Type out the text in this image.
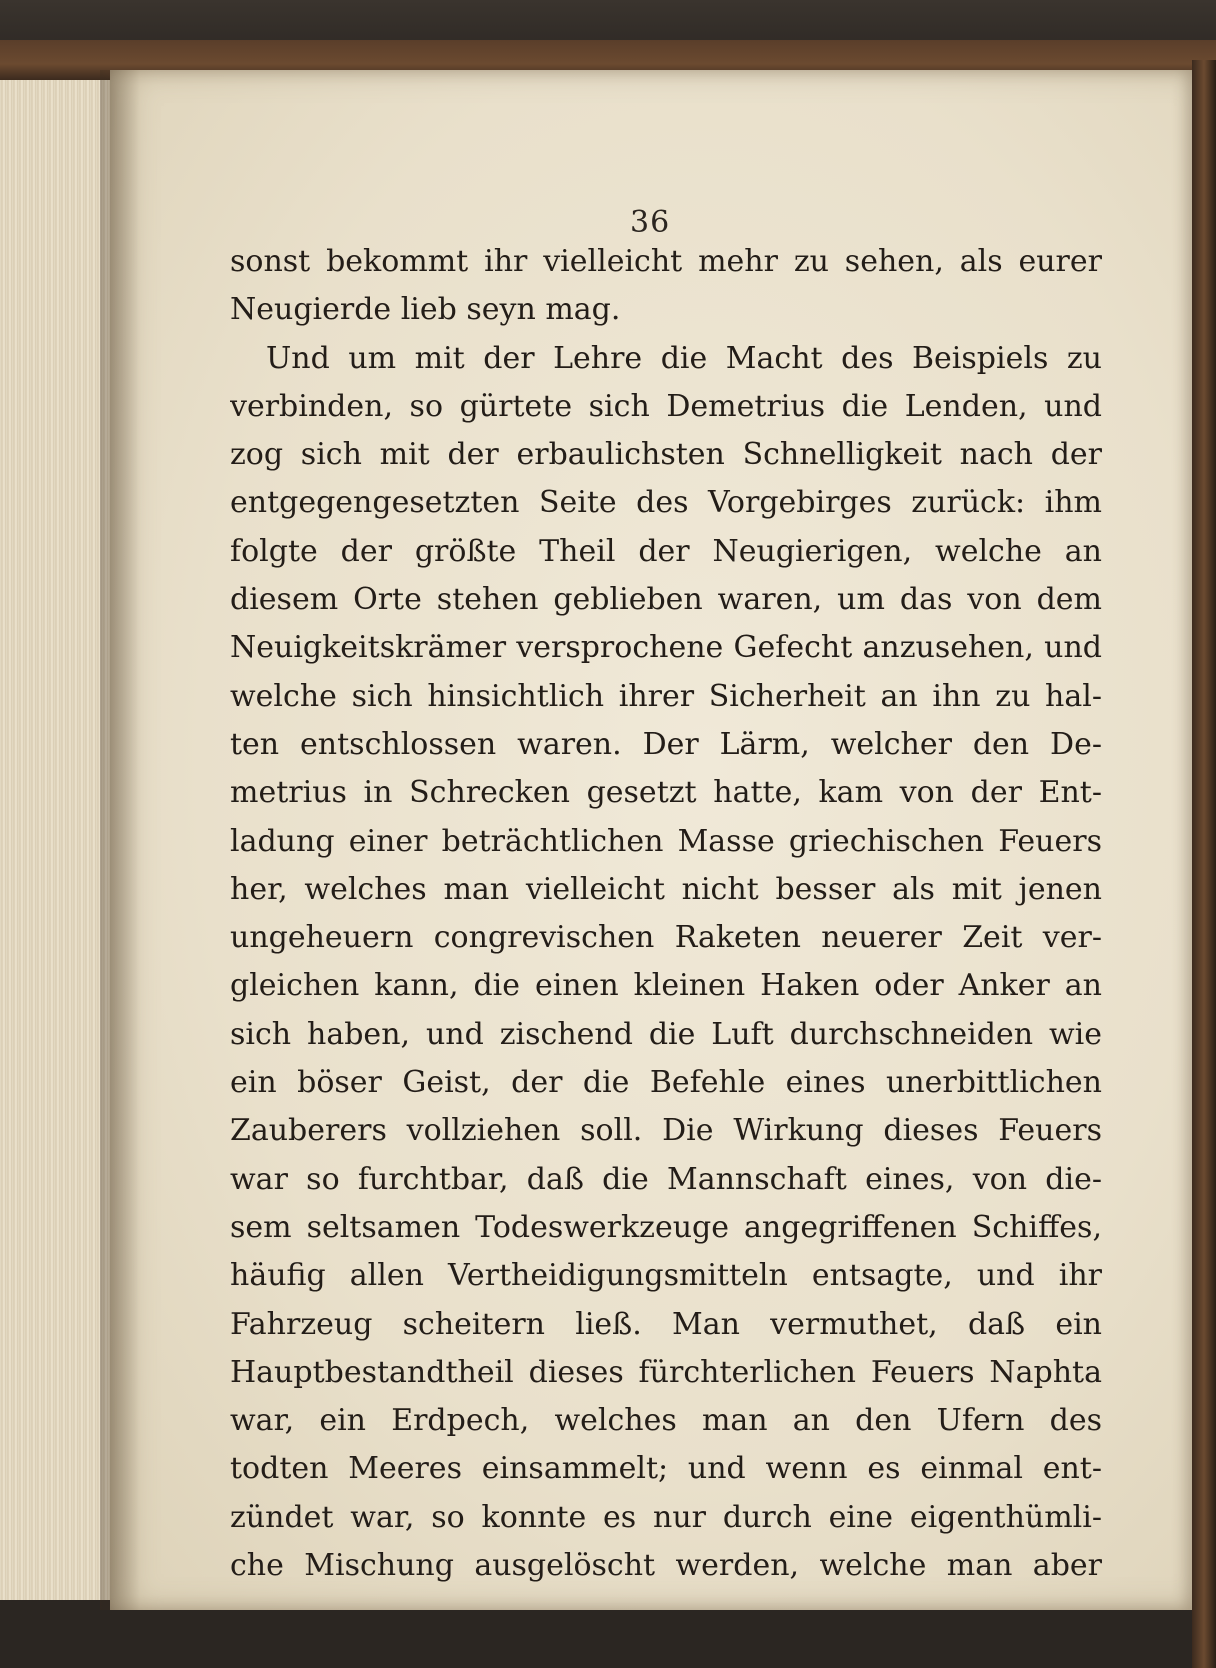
36
sonst bekommt ihr vielleicht mehr zu sehen, als eurer
Neugierde lieb seyn mag.
Und um mit der Lehre die Macht des Beispiels zu
verbinden, so gürtete sich Demetrius die Lenden, und
zog sich mit der erbaulichsten Schnelligkeit nach der
entgegengesetzten Seite des Vorgebirges zurück: ihm
folgte der größte Theil der Neugierigen, welche an
diesem Orte stehen geblieben waren, um das von dem
Neuigkeitskrämer versprochene Gefecht anzusehen, und
welche sich hinsichtlich ihrer Sicherheit an ihn zu hal-
ten entschlossen waren. Der Lärm, welcher den De-
metrius in Schrecken gesetzt hatte, kam von der Ent-
ladung einer beträchtlichen Masse griechischen Feuers
her, welches man vielleicht nicht besser als mit jenen
ungeheuern congrevischen Raketen neuerer Zeit ver-
gleichen kann, die einen kleinen Haken oder Anker an
sich haben, und zischend die Luft durchschneiden wie
ein böser Geist, der die Befehle eines unerbittlichen
Zauberers vollziehen soll. Die Wirkung dieses Feuers
war so furchtbar, daß die Mannschaft eines, von die-
sem seltsamen Todeswerkzeuge angegriffenen Schiffes,
häufig allen Vertheidigungsmitteln entsagte, und ihr
Fahrzeug scheitern ließ. Man vermuthet, daß ein
Hauptbestandtheil dieses fürchterlichen Feuers Naphta
war, ein Erdpech, welches man an den Ufern des
todten Meeres einsammelt; und wenn es einmal ent-
zündet war, so konnte es nur durch eine eigenthümli-
che Mischung ausgelöscht werden, welche man aber
